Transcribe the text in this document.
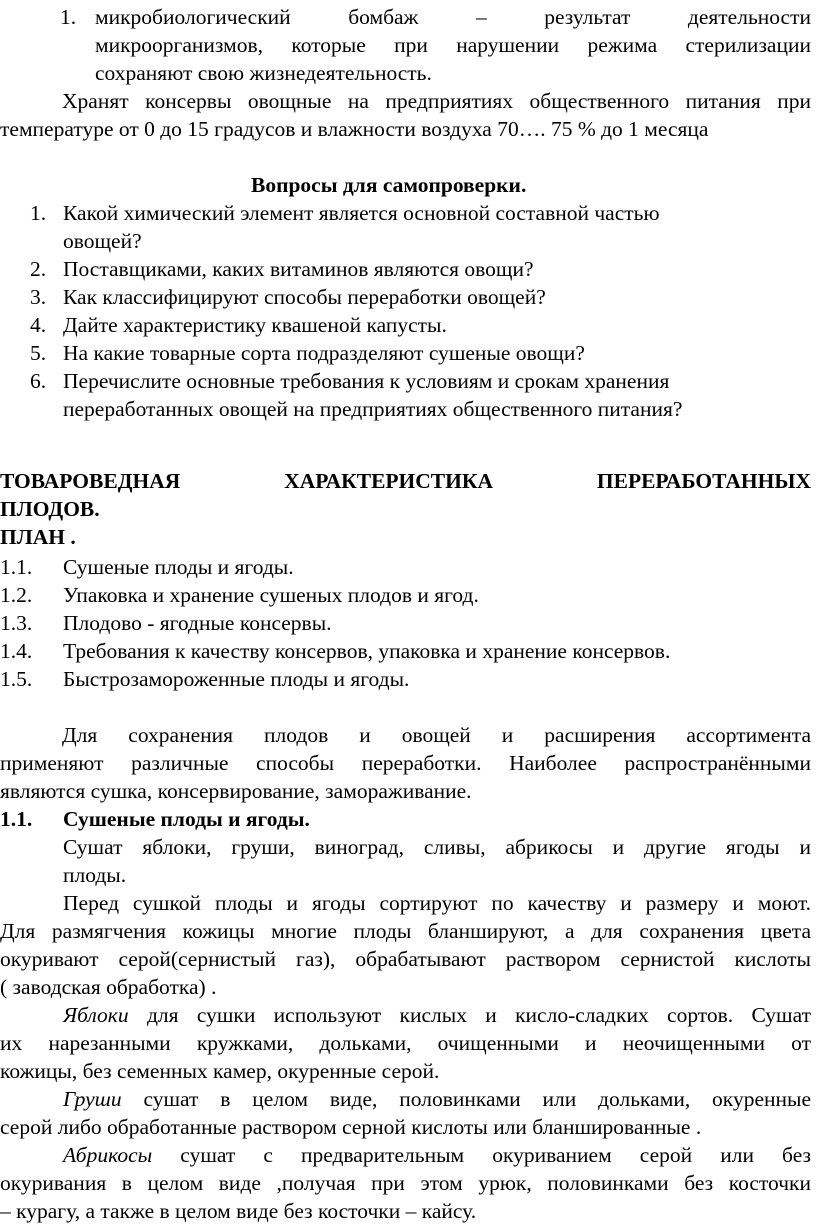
1. микробиологический бомбаж – результат деятельности
микроорганизмов, которые при нарушении режима стерилизации
сохраняют свою жизнедеятельность.
Хранят консервы овощные на предприятиях общественного питания при
температуре от 0 до 15 градусов и влажности воздуха 70…. 75 % до 1 месяца
Вопросы для самопроверки.
1. Какой химический элемент является основной составной частью
овощей?
2. Поставщиками, каких витаминов являются овощи?
3. Как классифицируют способы переработки овощей?
4. Дайте характеристику квашеной капусты.
5. На какие товарные сорта подразделяют сушеные овощи?
6. Перечислите основные требования к условиям и срокам хранения
переработанных овощей на предприятиях общественного питания?
ТОВАРОВЕДНАЯ ХАРАКТЕРИСТИКА ПЕРЕРАБОТАННЫХ
ПЛОДОВ.
ПЛАН .
1.1. Сушеные плоды и ягоды.
1.2. Упаковка и хранение сушеных плодов и ягод.
1.3. Плодово - ягодные консервы.
1.4. Требования к качеству консервов, упаковка и хранение консервов.
1.5. Быстрозамороженные плоды и ягоды.
Для сохранения плодов и овощей и расширения ассортимента
применяют различные способы переработки. Наиболее распространёнными
являются сушка, консервирование, замораживание.
1.1. Сушеные плоды и ягоды.
Сушат яблоки, груши, виноград, сливы, абрикосы и другие ягоды и
плоды.
Перед сушкой плоды и ягоды сортируют по качеству и размеру и моют.
Для размягчения кожицы многие плоды бланшируют, а для сохранения цвета
окуривают серой(сернистый газ), обрабатывают раствором сернистой кислоты
( заводская обработка) .
Яблоки для сушки используют кислых и кисло-сладких сортов. Сушат
их нарезанными кружками, дольками, очищенными и неочищенными от
кожицы, без семенных камер, окуренные серой.
Груши сушат в целом виде, половинками или дольками, окуренные
серой либо обработанные раствором серной кислоты или бланшированные .
Абрикосы сушат с предварительным окуриванием серой или без
окуривания в целом виде ,получая при этом урюк, половинками без косточки
– курагу, а также в целом виде без косточки – кайсу.
